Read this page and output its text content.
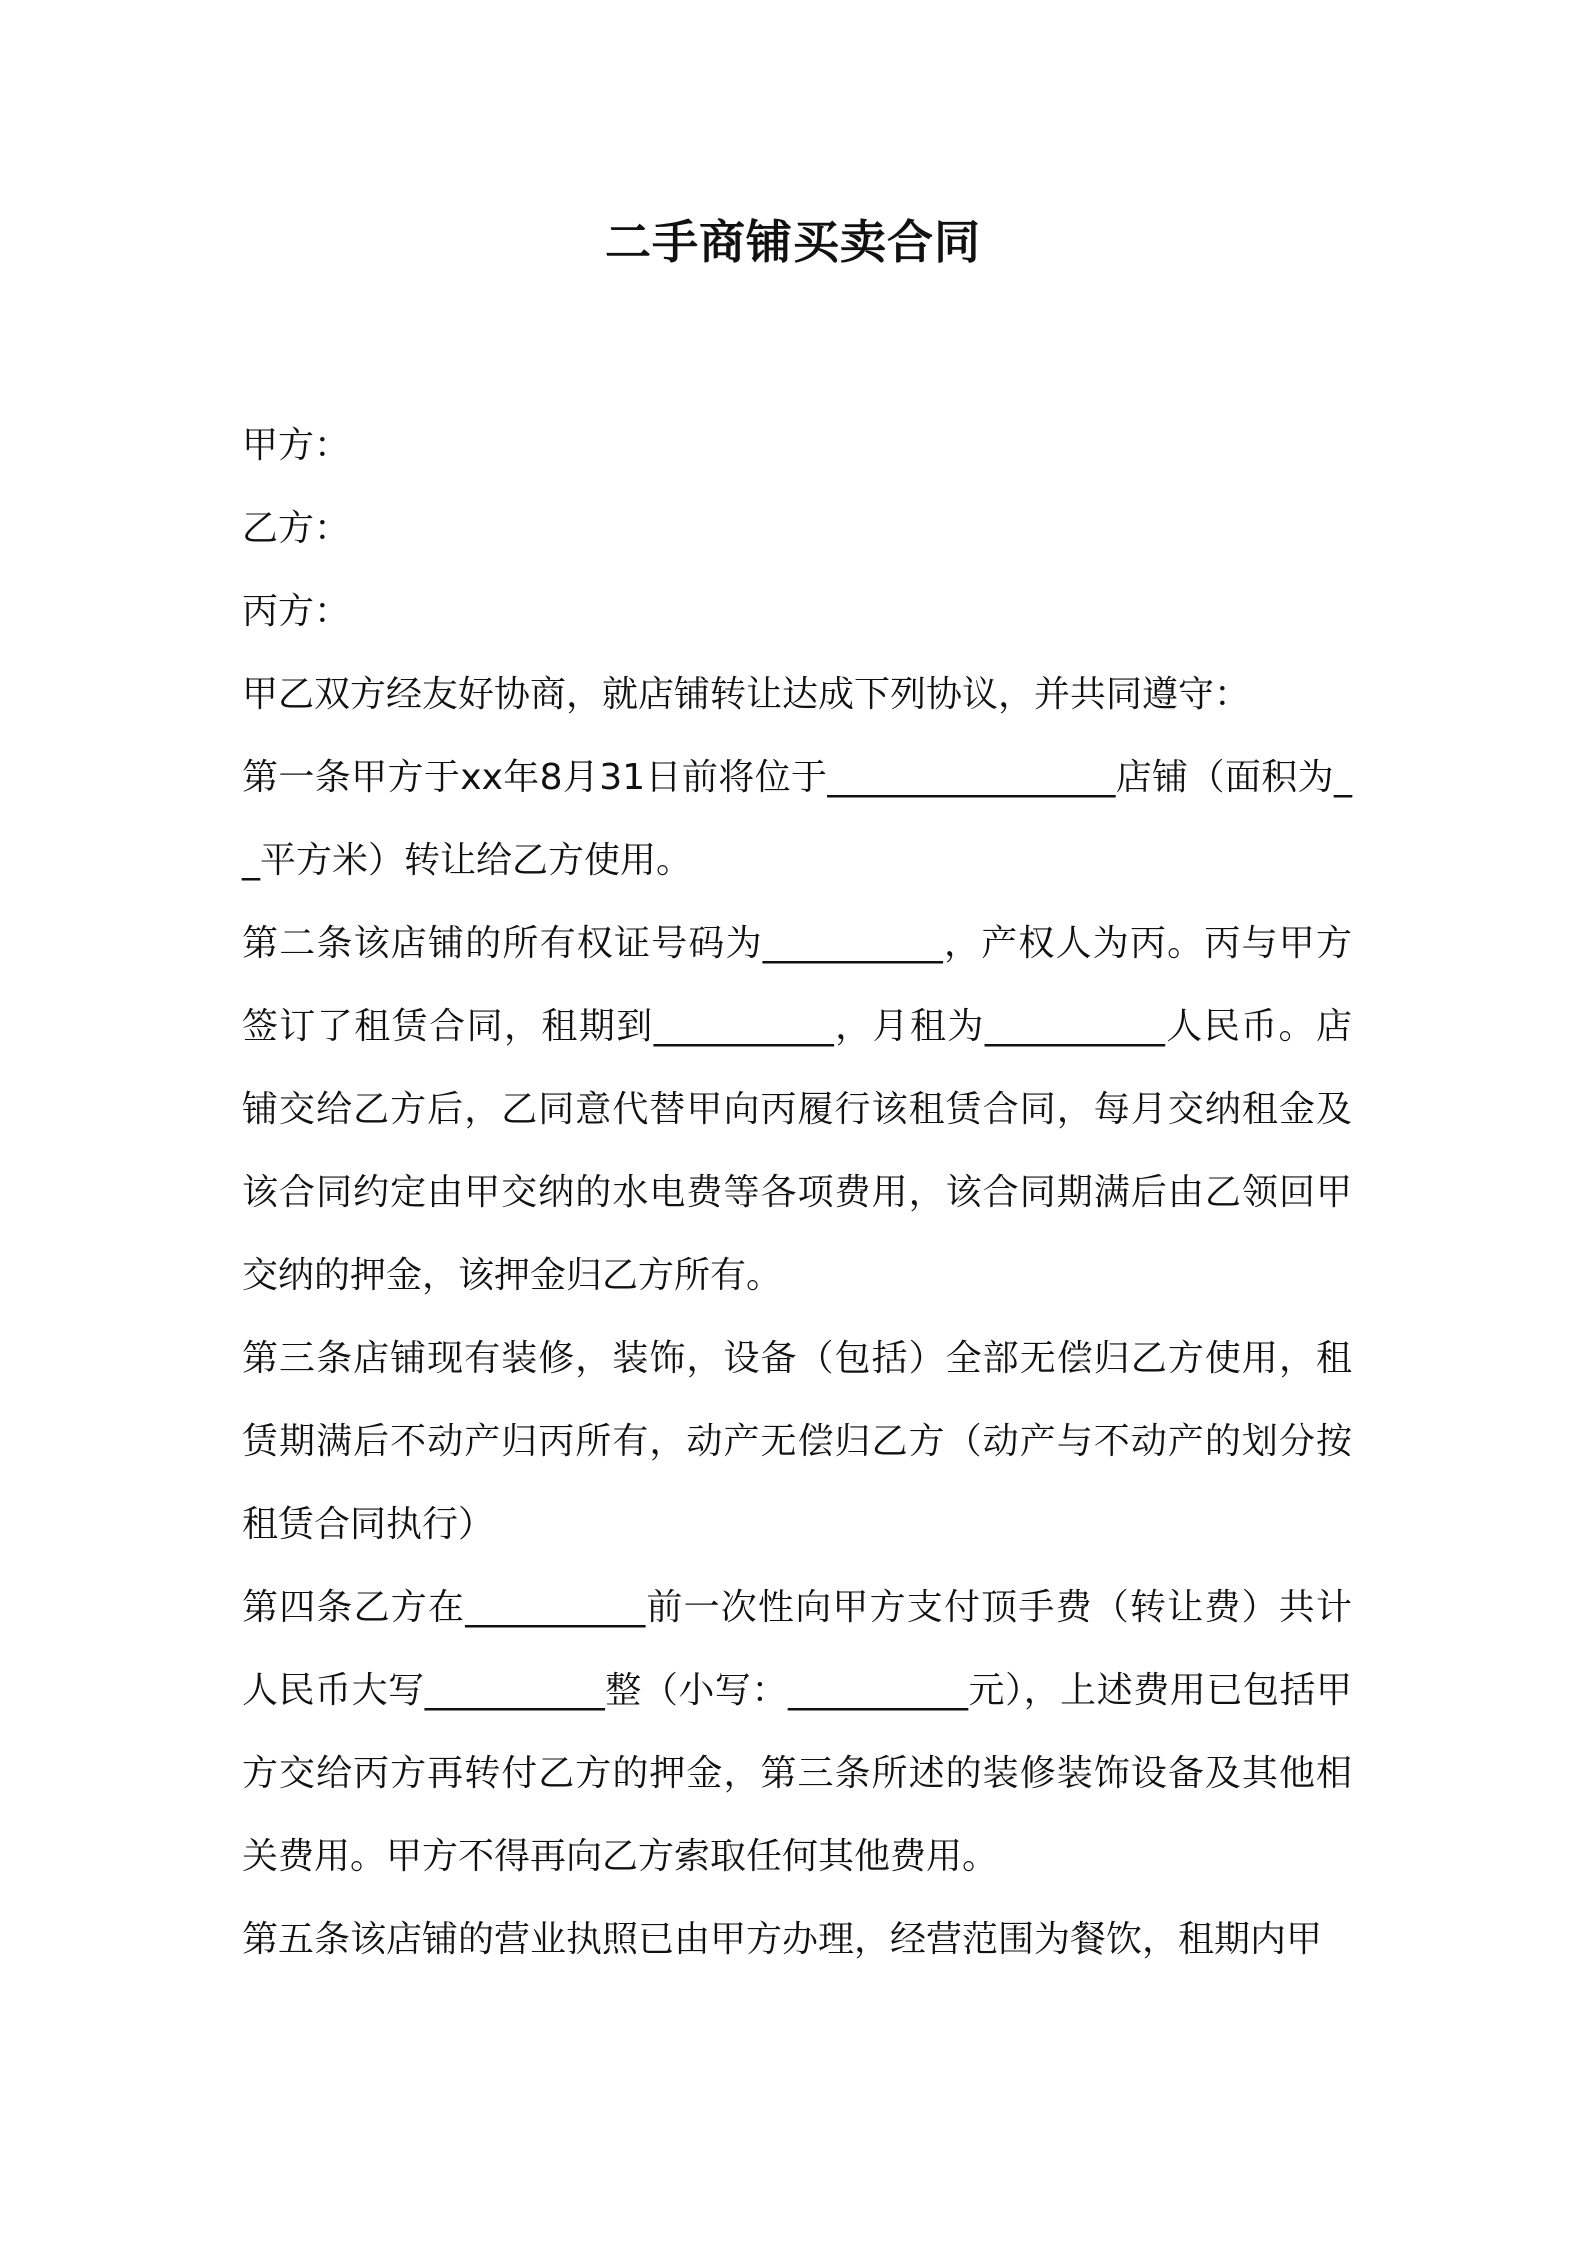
二手商铺买卖合同

甲方：

乙方：

丙方：

甲乙双方经友好协商，就店铺转让达成下列协议，并共同遵守：

第一条甲方于xx年8月31日前将位于________________店铺（面积为__平方米）转让给乙方使用。

第二条该店铺的所有权证号码为__________，产权人为丙。丙与甲方签订了租赁合同，租期到__________，月租为__________人民币。店铺交给乙方后，乙同意代替甲向丙履行该租赁合同，每月交纳租金及该合同约定由甲交纳的水电费等各项费用，该合同期满后由乙领回甲交纳的押金，该押金归乙方所有。

第三条店铺现有装修，装饰，设备（包括）全部无偿归乙方使用，租赁期满后不动产归丙所有，动产无偿归乙方（动产与不动产的划分按租赁合同执行）

第四条乙方在__________前一次性向甲方支付顶手费（转让费）共计人民币大写__________整（小写：__________元），上述费用已包括甲方交给丙方再转付乙方的押金，第三条所述的装修装饰设备及其他相关费用。甲方不得再向乙方索取任何其他费用。

第五条该店铺的营业执照已由甲方办理，经营范围为餐饮，租期内甲
